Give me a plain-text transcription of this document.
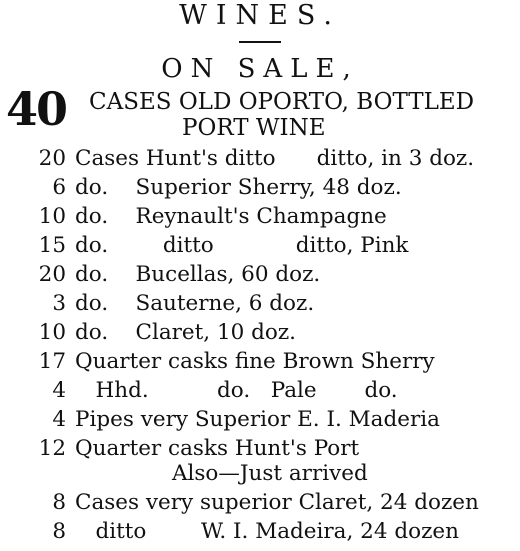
WINES.
ON SALE,
40 CASES OLD OPORTO, BOTTLED
PORT WINE
20 Cases Hunt's ditto      ditto, in 3 doz.
6 do.    Superior Sherry, 48 doz.
10 do.    Reynault's Champagne
15 do.        ditto            ditto, Pink
20 do.    Bucellas, 60 doz.
3 do.    Sauterne, 6 doz.
10 do.    Claret, 10 doz.
17 Quarter casks fine Brown Sherry
4 Hhd.          do.   Pale       do.
4 Pipes very Superior E. I. Maderia
12 Quarter casks Hunt's Port
Also—Just arrived
8 Cases very superior Claret, 24 dozen
8 ditto        W. I. Madeira, 24 dozen
